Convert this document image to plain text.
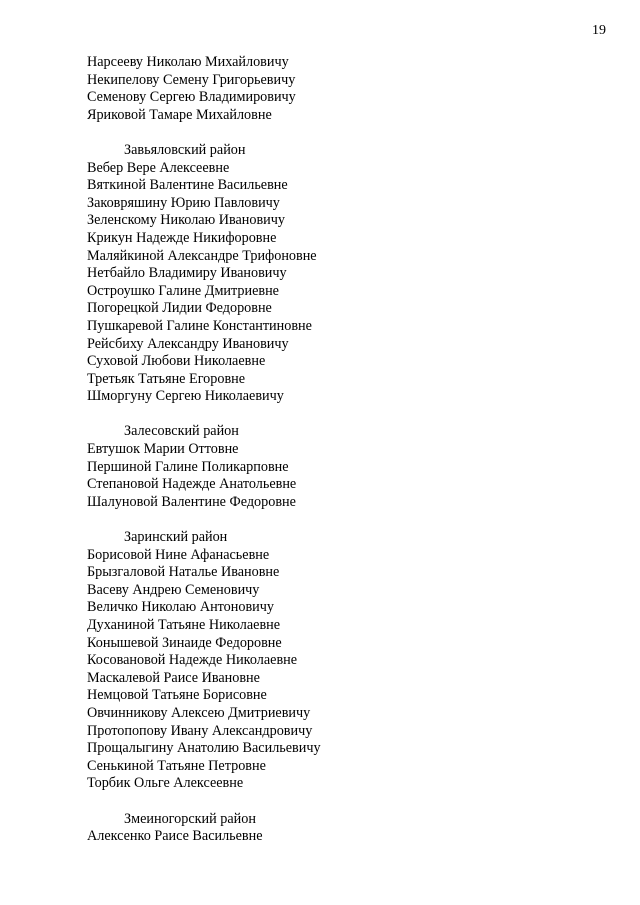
19
Нарсееву Николаю Михайловичу
Некипелову Семену Григорьевичу
Семенову Сергею Владимировичу
Яриковой Тамаре Михайловне
Завьяловский район
Вебер Вере Алексеевне
Вяткиной Валентине Васильевне
Заковряшину Юрию Павловичу
Зеленскому Николаю Ивановичу
Крикун Надежде Никифоровне
Маляйкиной Александре Трифоновне
Нетбайло Владимиру Ивановичу
Остроушко Галине Дмитриевне
Погорецкой Лидии Федоровне
Пушкаревой Галине Константиновне
Рейсбиху Александру Ивановичу
Суховой Любови Николаевне
Третьяк Татьяне Егоровне
Шморгуну Сергею Николаевичу
Залесовский район
Евтушок Марии Оттовне
Першиной Галине Поликарповне
Степановой Надежде Анатольевне
Шалуновой Валентине Федоровне
Заринский район
Борисовой Нине Афанасьевне
Брызгаловой Наталье Ивановне
Васеву Андрею Семеновичу
Величко Николаю Антоновичу
Духаниной Татьяне Николаевне
Конышевой Зинаиде Федоровне
Косовановой Надежде Николаевне
Маскалевой Раисе Ивановне
Немцовой Татьяне Борисовне
Овчинникову Алексею Дмитриевичу
Протопопову Ивану Александровичу
Прощалыгину Анатолию Васильевичу
Сенькиной Татьяне Петровне
Торбик Ольге Алексеевне
Змеиногорский район
Алексенко Раисе Васильевне
